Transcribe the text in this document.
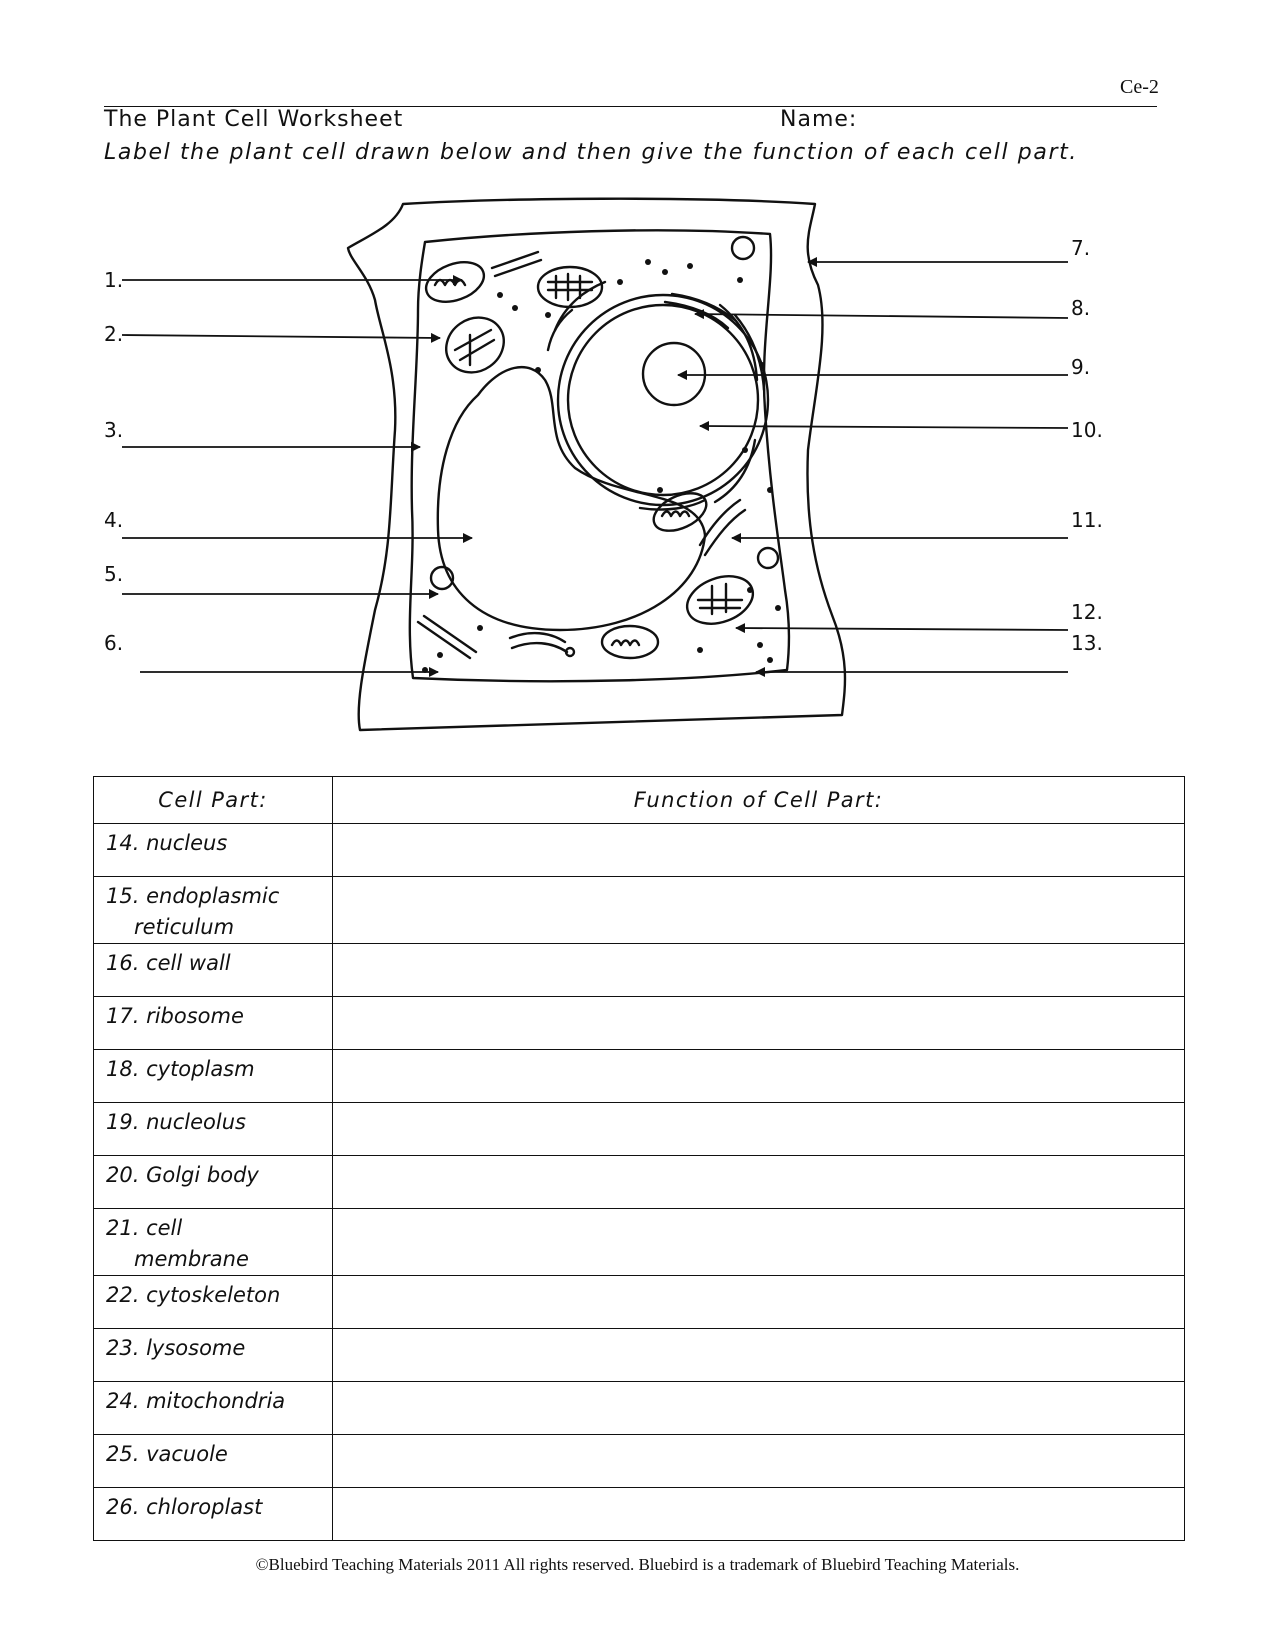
Ce-2
The Plant Cell Worksheet	Name:
Label the plant cell drawn below and then give the function of each cell part.
1.
2.
3.
4.
5.
6.
7.
8.
9.
10.
11.
12.
13.
Cell Part:	Function of Cell Part:
14. nucleus	
15. endoplasmic
reticulum	

16. cell wall	
17. ribosome	
18. cytoplasm	
19. nucleolus	
20. Golgi body	
21. cell
membrane	

22. cytoskeleton	
23. lysosome	
24. mitochondria	
25. vacuole	
26. chloroplast	
©Bluebird Teaching Materials 2011 All rights reserved. Bluebird is a trademark of Bluebird Teaching Materials.
